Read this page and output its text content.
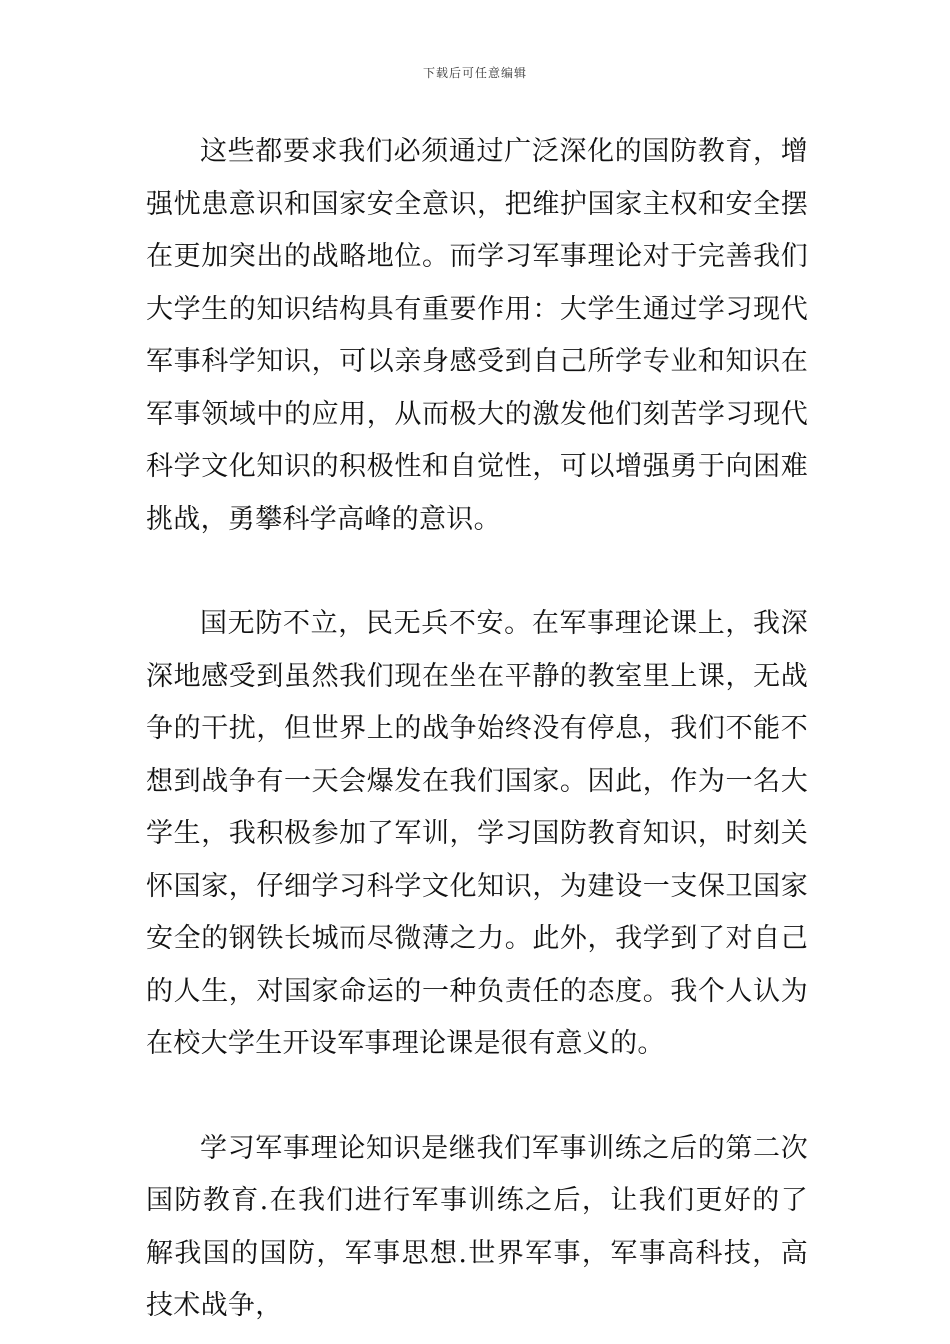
下载后可任意编辑

这些都要求我们必须通过广泛深化的国防教育，增强忧患意识和国家安全意识，把维护国家主权和安全摆在更加突出的战略地位。而学习军事理论对于完善我们大学生的知识结构具有重要作用：大学生通过学习现代军事科学知识，可以亲身感受到自己所学专业和知识在军事领域中的应用，从而极大的激发他们刻苦学习现代科学文化知识的积极性和自觉性，可以增强勇于向困难挑战，勇攀科学高峰的意识。

国无防不立，民无兵不安。在军事理论课上，我深深地感受到虽然我们现在坐在平静的教室里上课，无战争的干扰，但世界上的战争始终没有停息，我们不能不想到战争有一天会爆发在我们国家。因此，作为一名大学生，我积极参加了军训，学习国防教育知识，时刻关怀国家，仔细学习科学文化知识，为建设一支保卫国家安全的钢铁长城而尽微薄之力。此外，我学到了对自己的人生，对国家命运的一种负责任的态度。我个人认为在校大学生开设军事理论课是很有意义的。

学习军事理论知识是继我们军事训练之后的第二次国防教育.在我们进行军事训练之后，让我们更好的了解我国的国防，军事思想.世界军事，军事高科技，高技术战争，
